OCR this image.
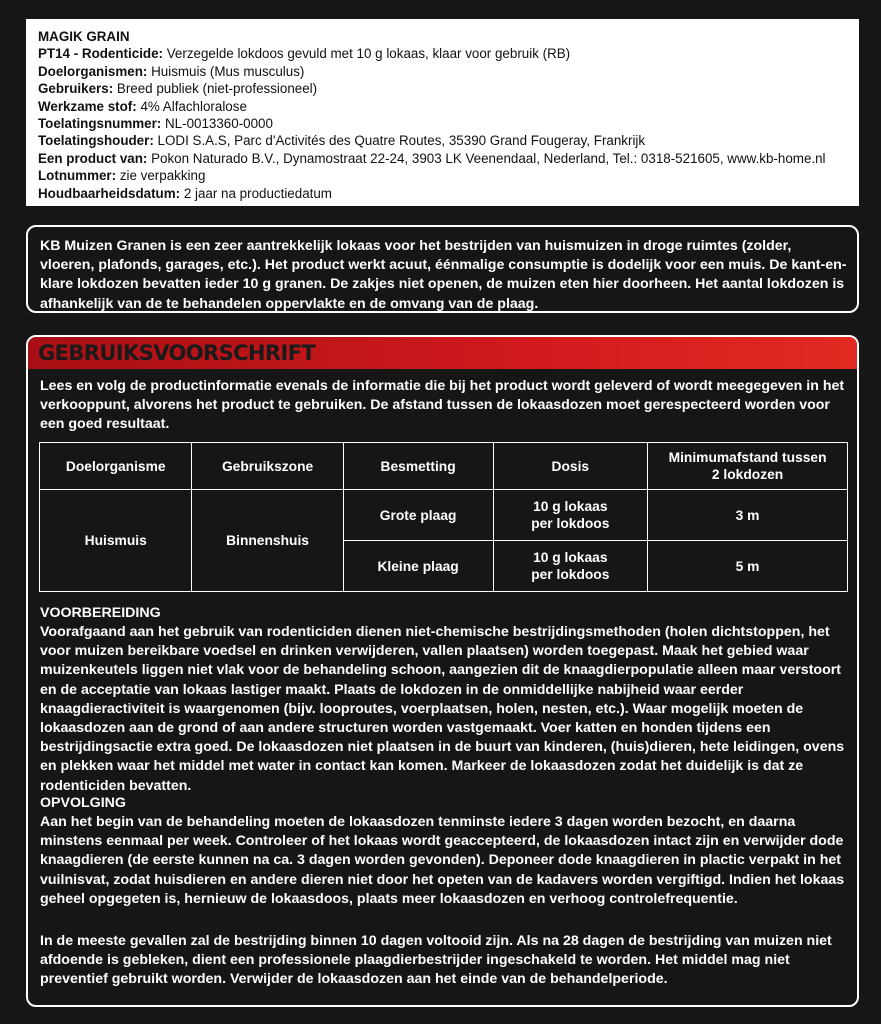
MAGIK GRAIN
PT14 - Rodenticide: Verzegelde lokdoos gevuld met 10 g lokaas, klaar voor gebruik (RB)
Doelorganismen: Huismuis (Mus musculus)
Gebruikers: Breed publiek (niet-professioneel)
Werkzame stof: 4% Alfachloralose
Toelatingsnummer: NL-0013360-0000
Toelatingshouder: LODI S.A.S, Parc d'Activités des Quatre Routes, 35390 Grand Fougeray, Frankrijk
Een product van: Pokon Naturado B.V., Dynamostraat 22-24, 3903 LK Veenendaal, Nederland, Tel.: 0318-521605, www.kb-home.nl
Lotnummer: zie verpakking
Houdbaarheidsdatum: 2 jaar na productiedatum
KB Muizen Granen is een zeer aantrekkelijk lokaas voor het bestrijden van huismuizen in droge ruimtes (zolder, vloeren, plafonds, garages, etc.). Het product werkt acuut, éénmalige consumptie is dodelijk voor een muis. De kant-en-klare lokdozen bevatten ieder 10 g granen. De zakjes niet openen, de muizen eten hier doorheen. Het aantal lokdozen is afhankelijk van de te behandelen oppervlakte en de omvang van de plaag.
GEBRUIKSVOORSCHRIFT
Lees en volg de productinformatie evenals de informatie die bij het product wordt geleverd of wordt meegegeven in het verkooppunt, alvorens het product te gebruiken. De afstand tussen de lokaasdozen moet gerespecteerd worden voor een goed resultaat.
Doelorganisme	Gebruikszone	Besmetting	Dosis	Minimumafstand tussen 2 lokdozen
Huismuis	Binnenshuis	Grote plaag	10 g lokaas per lokdoos	3 m
		Kleine plaag	10 g lokaas per lokdoos	5 m
VOORBEREIDING
Voorafgaand aan het gebruik van rodenticiden dienen niet-chemische bestrijdingsmethoden (holen dichtstoppen, het voor muizen bereikbare voedsel en drinken verwijderen, vallen plaatsen) worden toegepast. Maak het gebied waar muizenkeutels liggen niet vlak voor de behandeling schoon, aangezien dit de knaagdierpopulatie alleen maar verstoort en de acceptatie van lokaas lastiger maakt. Plaats de lokdozen in de onmiddellijke nabijheid waar eerder knaagdieractiviteit is waargenomen (bijv. looproutes, voerplaatsen, holen, nesten, etc.). Waar mogelijk moeten de lokaasdozen aan de grond of aan andere structuren worden vastgemaakt. Voer katten en honden tijdens een bestrijdingsactie extra goed. De lokaasdozen niet plaatsen in de buurt van kinderen, (huis)dieren, hete leidingen, ovens en plekken waar het middel met water in contact kan komen. Markeer de lokaasdozen zodat het duidelijk is dat ze rodenticiden bevatten.
OPVOLGING
Aan het begin van de behandeling moeten de lokaasdozen tenminste iedere 3 dagen worden bezocht, en daarna minstens eenmaal per week. Controleer of het lokaas wordt geaccepteerd, de lokaasdozen intact zijn en verwijder dode knaagdieren (de eerste kunnen na ca. 3 dagen worden gevonden). Deponeer dode knaagdieren in plactic verpakt in het vuilnisvat, zodat huisdieren en andere dieren niet door het opeten van de kadavers worden vergiftigd. Indien het lokaas geheel opgegeten is, hernieuw de lokaasdoos, plaats meer lokaasdozen en verhoog controlefrequentie.
In de meeste gevallen zal de bestrijding binnen 10 dagen voltooid zijn. Als na 28 dagen de bestrijding van muizen niet afdoende is gebleken, dient een professionele plaagdierbestrijder ingeschakeld te worden. Het middel mag niet preventief gebruikt worden. Verwijder de lokaasdozen aan het einde van de behandelperiode.
